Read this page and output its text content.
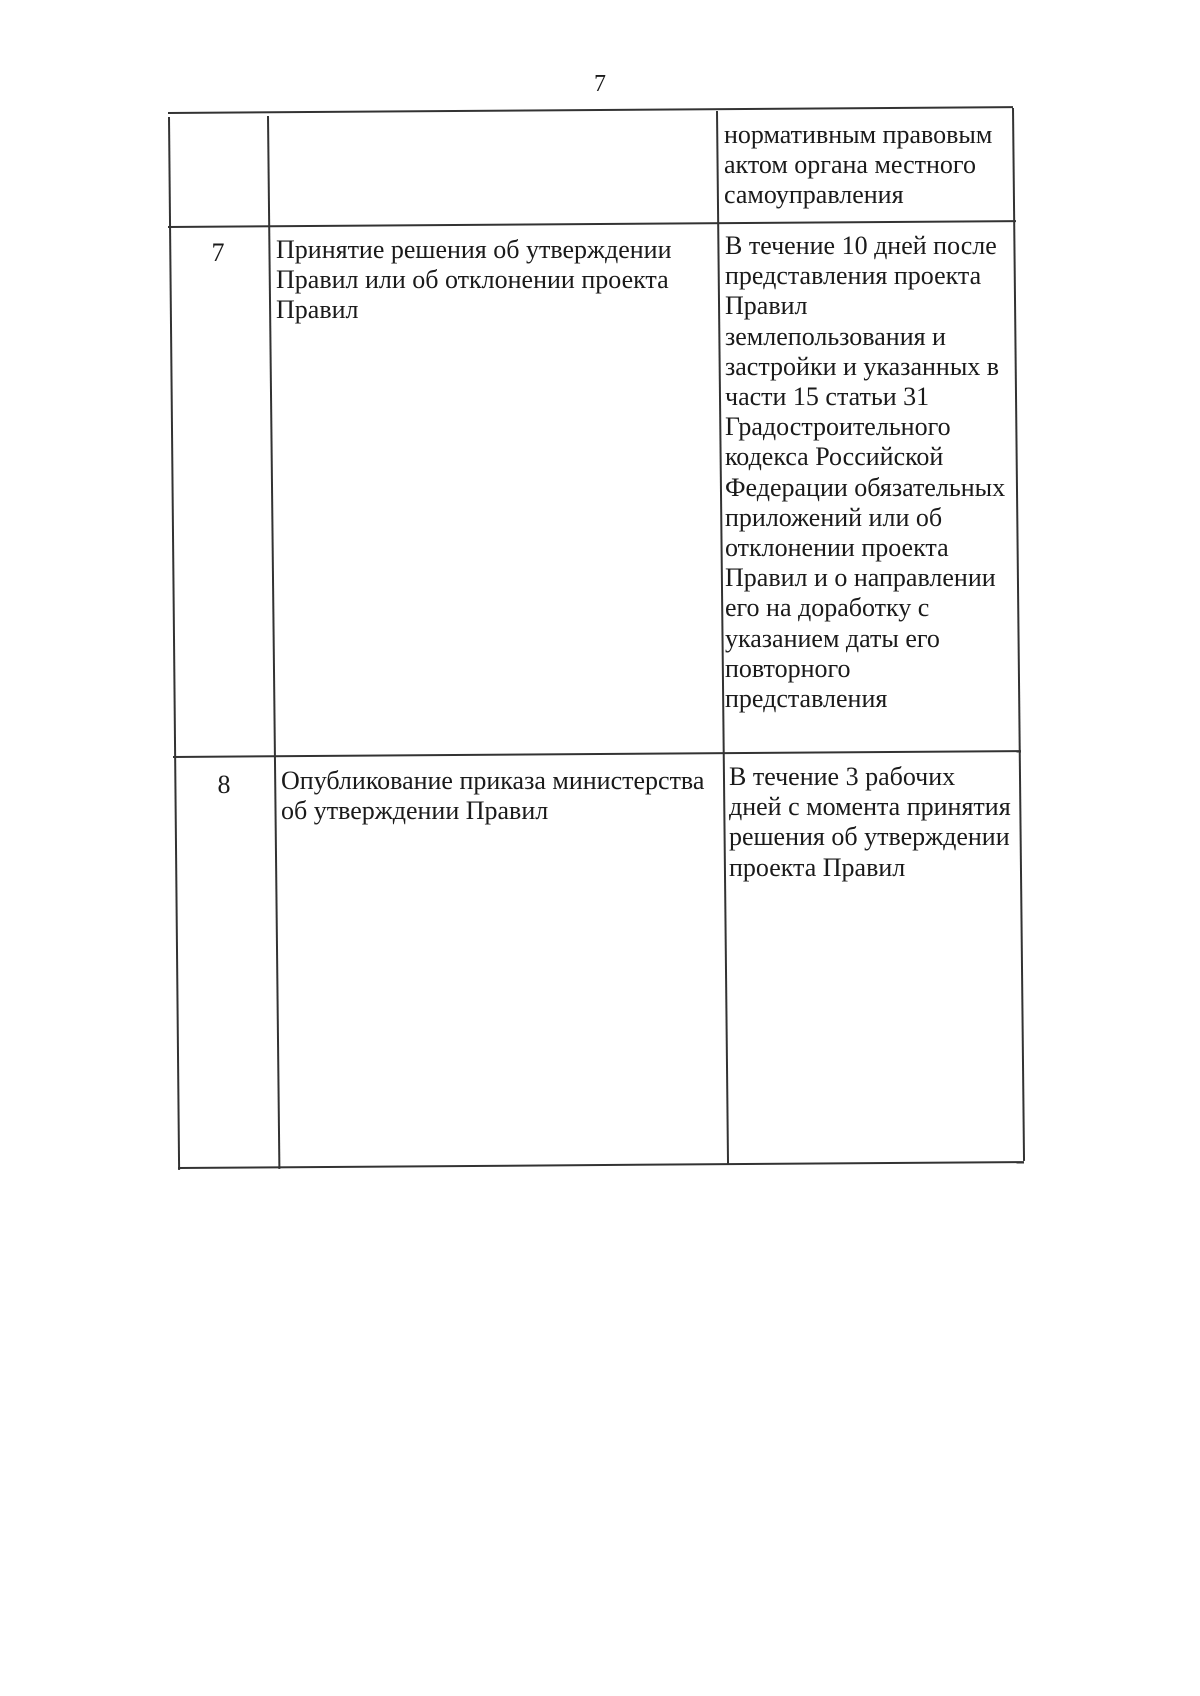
7
нормативным правовым
актом органа местного
самоуправления
7	Принятие решения об утверждении
Правил или об отклонении проекта
Правил
В течение 10 дней после
представления проекта
Правил
землепользования и
застройки и указанных в
части 15 статьи 31
Градостроительного
кодекса Российской
Федерации обязательных
приложений или об
отклонении проекта
Правил и о направлении
его на доработку с
указанием даты его
повторного
представления
8	Опубликование приказа министерства
об утверждении Правил
В течение 3 рабочих
дней с момента принятия
решения об утверждении
проекта Правил
